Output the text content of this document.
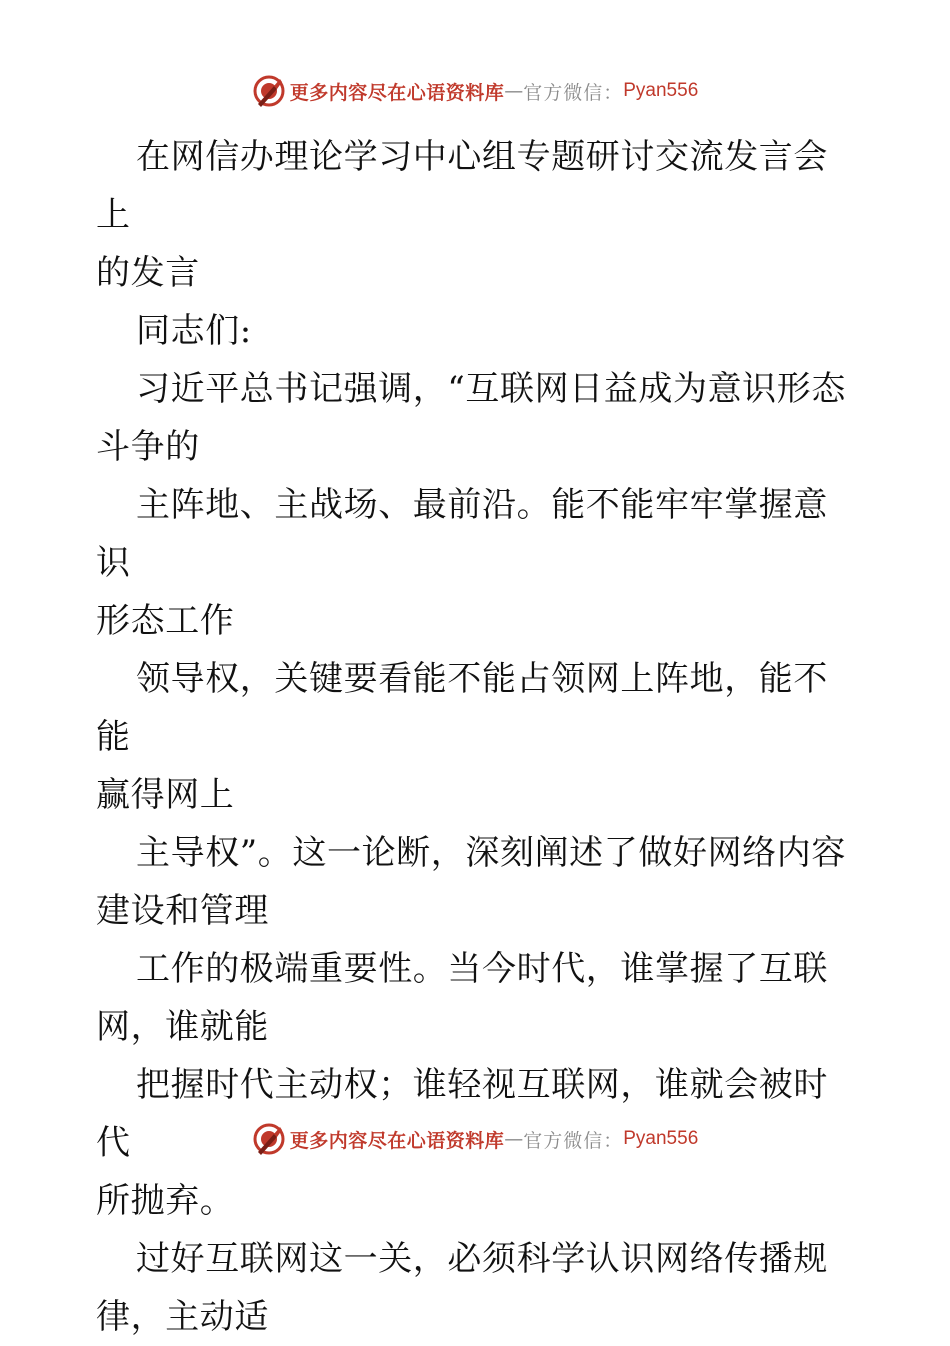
更多内容尽在心语资料库 — 官方微信： Pyan556

在网信办理论学习中心组专题研讨交流发言会上

的发言

同志们:

习近平总书记强调，“互联网日益成为意识形态

斗争的

主阵地、主战场、最前沿。能不能牢牢掌握意识

形态工作

领导权，关键要看能不能占领网上阵地，能不能

赢得网上

主导权”。这一论断，深刻阐述了做好网络内容

建设和管理

工作的极端重要性。当今时代，谁掌握了互联

网，谁就能

把握时代主动权；谁轻视互联网，谁就会被时代

所抛弃。

过好互联网这一关，必须科学认识网络传播规

律，主动适

更多内容尽在心语资料库 — 官方微信： Pyan556
